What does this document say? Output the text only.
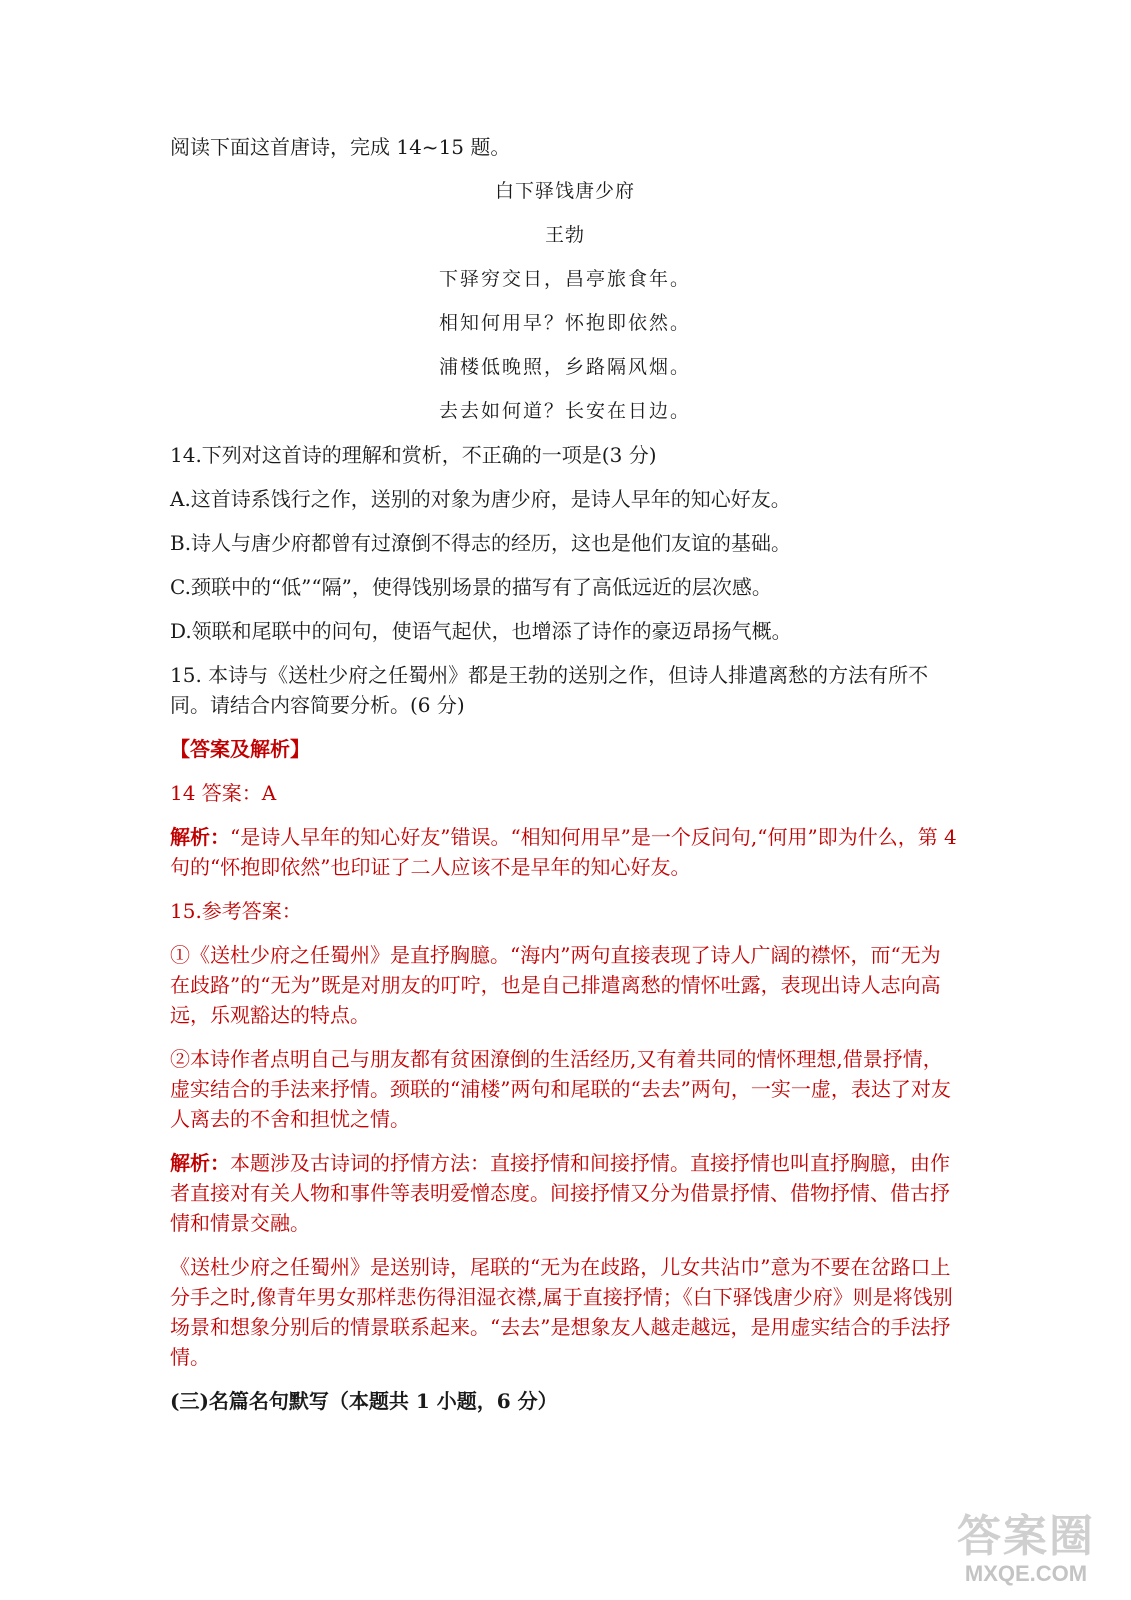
阅读下面这首唐诗，完成 14~15 题。

白下驿饯唐少府

王勃

下驿穷交日，昌亭旅食年。

相知何用早？怀抱即依然。

浦楼低晚照，乡路隔风烟。

去去如何道？长安在日边。

14.下列对这首诗的理解和赏析，不正确的一项是(3 分)

A.这首诗系饯行之作，送别的对象为唐少府，是诗人早年的知心好友。

B.诗人与唐少府都曾有过潦倒不得志的经历，这也是他们友谊的基础。

C.颈联中的“低”“隔”，使得饯别场景的描写有了高低远近的层次感。

D.领联和尾联中的问句，使语气起伏，也增添了诗作的豪迈昂扬气概。

15. 本诗与《送杜少府之任蜀州》都是王勃的送别之作，但诗人排遣离愁的方法有所不同。请结合内容简要分析。(6 分)

【答案及解析】

14 答案：A

解析：“是诗人早年的知心好友”错误。“相知何用早”是一个反问句,“何用”即为什么，第 4 句的“怀抱即依然”也印证了二人应该不是早年的知心好友。

15.参考答案：

①《送杜少府之任蜀州》是直抒胸臆。“海内”两句直接表现了诗人广阔的襟怀，而“无为在歧路”的“无为”既是对朋友的叮咛，也是自己排遣离愁的情怀吐露，表现出诗人志向高远，乐观豁达的特点。

②本诗作者点明自己与朋友都有贫困潦倒的生活经历,又有着共同的情怀理想,借景抒情，虚实结合的手法来抒情。颈联的“浦楼”两句和尾联的“去去”两句，一实一虚，表达了对友人离去的不舍和担忧之情。

解析：本题涉及古诗词的抒情方法：直接抒情和间接抒情。直接抒情也叫直抒胸臆，由作者直接对有关人物和事件等表明爱憎态度。间接抒情又分为借景抒情、借物抒情、借古抒情和情景交融。

《送杜少府之任蜀州》是送别诗，尾联的“无为在歧路，儿女共沾巾”意为不要在岔路口上分手之时,像青年男女那样悲伤得泪湿衣襟,属于直接抒情；《白下驿饯唐少府》则是将饯别场景和想象分别后的情景联系起来。“去去”是想象友人越走越远，是用虚实结合的手法抒情。

(三)名篇名句默写（本题共 1 小题，6 分）

答案圈
MXQE.COM
